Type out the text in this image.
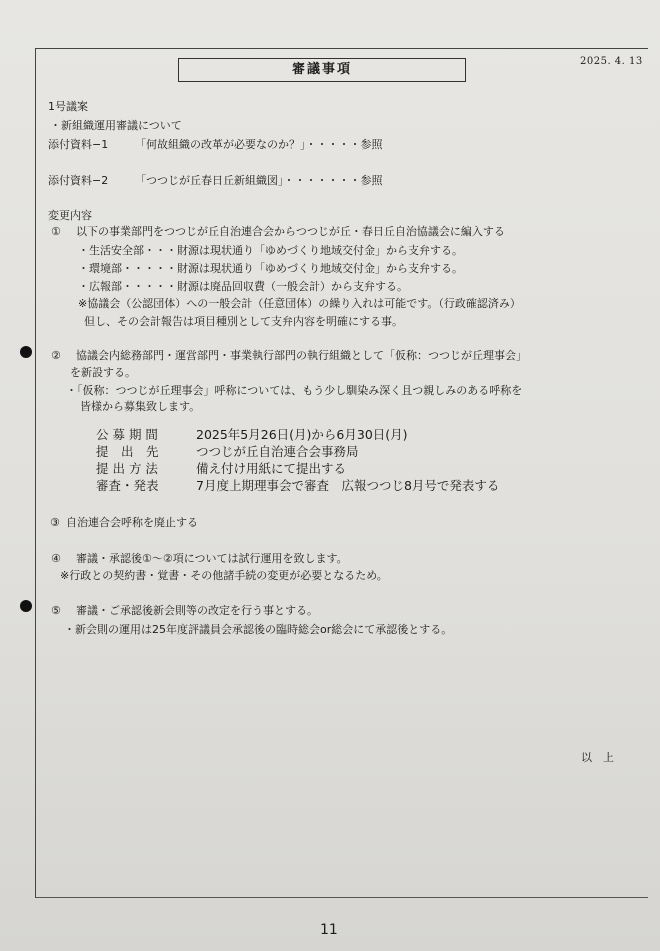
審議事項
2025. 4. 13
1号議案
・新組織運用審議について
添付資料−1 「何故組織の改革が必要なのか？」・・・・・参照
添付資料−2 「つつじが丘春日丘新組織図」・・・・・・・参照
変更内容
① 以下の事業部門をつつじが丘自治連合会からつつじが丘・春日丘自治協議会に編入する
・生活安全部・・・財源は現状通り「ゆめづくり地域交付金」から支弁する。
・環境部・・・・・財源は現状通り「ゆめづくり地域交付金」から支弁する。
・広報部・・・・・財源は廃品回収費（一般会計）から支弁する。
※協議会（公認団体）への一般会計（任意団体）の繰り入れは可能です。（行政確認済み）
但し、その会計報告は項目種別として支弁内容を明確にする事。
② 協議会内総務部門・運営部門・事業執行部門の執行組織として「仮称：つつじが丘理事会」
を新設する。
・「仮称：つつじが丘理事会」呼称については、もう少し馴染み深く且つ親しみのある呼称を
皆様から募集致します。
公 募 期 間	2025年5月26日(月)から6月30日(月)
提　出　先	つつじが丘自治連合会事務局
提 出 方 法	備え付け用紙にて提出する
審査・発表	7月度上期理事会で審査　広報つつじ8月号で発表する
③ 自治連合会呼称を廃止する
④ 審議・承認後①〜②項については試行運用を致します。
※行政との契約書・覚書・その他諸手続の変更が必要となるため。
⑤ 審議・ご承認後新会則等の改定を行う事とする。
・新会則の運用は25年度評議員会承認後の臨時総会or総会にて承認後とする。
以　上
11
